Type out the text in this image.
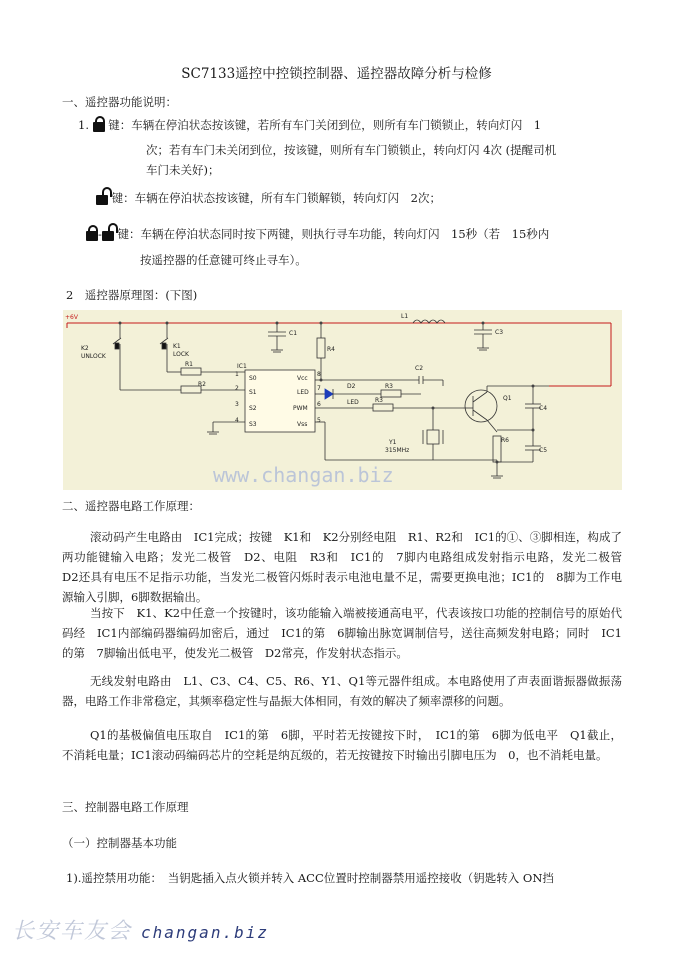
SC7133遥控中控锁控制器、遥控器故障分析与检修
一、遥控器功能说明：
1. 键：车辆在停泊状态按该键，若所有车门关闭到位，则所有车门锁锁止，转向灯闪　1
次；若有车门未关闭到位，按该键，则所有车门锁锁止，转向灯闪 4次 (提醒司机
车门未关好)；
键：车辆在停泊状态按该键，所有车门锁解锁，转向灯闪　2次；
- 键：车辆在停泊状态同时按下两键，则执行寻车功能，转向灯闪　15秒（若　15秒内
按遥控器的任意键可终止寻车）。
2　遥控器原理图：(下图)
+6V	L1
C1	C3
R4
C2
K2
UNLOCK
K1
LOCK
R1
R2
IC1
S0
S1
S2
S3
Vcc
LED
PWM
Vss
1
2
3
4	5
6
7
8
D2
LED
R3
R3	Q1
C4
R6
C5
Y1
315MHz
www.changan.biz
二、遥控器电路工作原理：
滚动码产生电路由　IC1完成；按键　K1和　K2分别经电阻　R1、R2和　IC1的①、③脚相连，构成了两功能键输入电路；发光二极管　D2、电阻　R3和　IC1的　7脚内电路组成发射指示电路，发光二极管　D2还具有电压不足指示功能，当发光二极管闪烁时表示电池电量不足，需要更换电池；IC1的　8脚为工作电源输入引脚，6脚数据输出。
当按下　K1、K2中任意一个按键时，该功能输入端被接通高电平，代表该按口功能的控制信号的原始代码经　IC1内部编码器编码加密后，通过　IC1的第　6脚输出脉宽调制信号，送往高频发射电路；同时　IC1的第　7脚输出低电平，使发光二极管　D2常亮，作发射状态指示。
无线发射电路由　L1、C3、C4、C5、R6、Y1、Q1等元器件组成。本电路使用了声表面谐振器做振荡器，电路工作非常稳定，其频率稳定性与晶振大体相同，有效的解决了频率漂移的问题。
Q1的基极偏值电压取自　IC1的第　6脚，平时若无按键按下时，　IC1的第　6脚为低电平　Q1截止，不消耗电量；IC1滚动码编码芯片的空耗是纳瓦级的，若无按键按下时输出引脚电压为　0，也不消耗电量。
三、控制器电路工作原理
（一）控制器基本功能
1).遥控禁用功能：　当钥匙插入点火锁并转入 ACC位置时控制器禁用遥控接收（钥匙转入 ON挡
长安车友会 changan.biz
